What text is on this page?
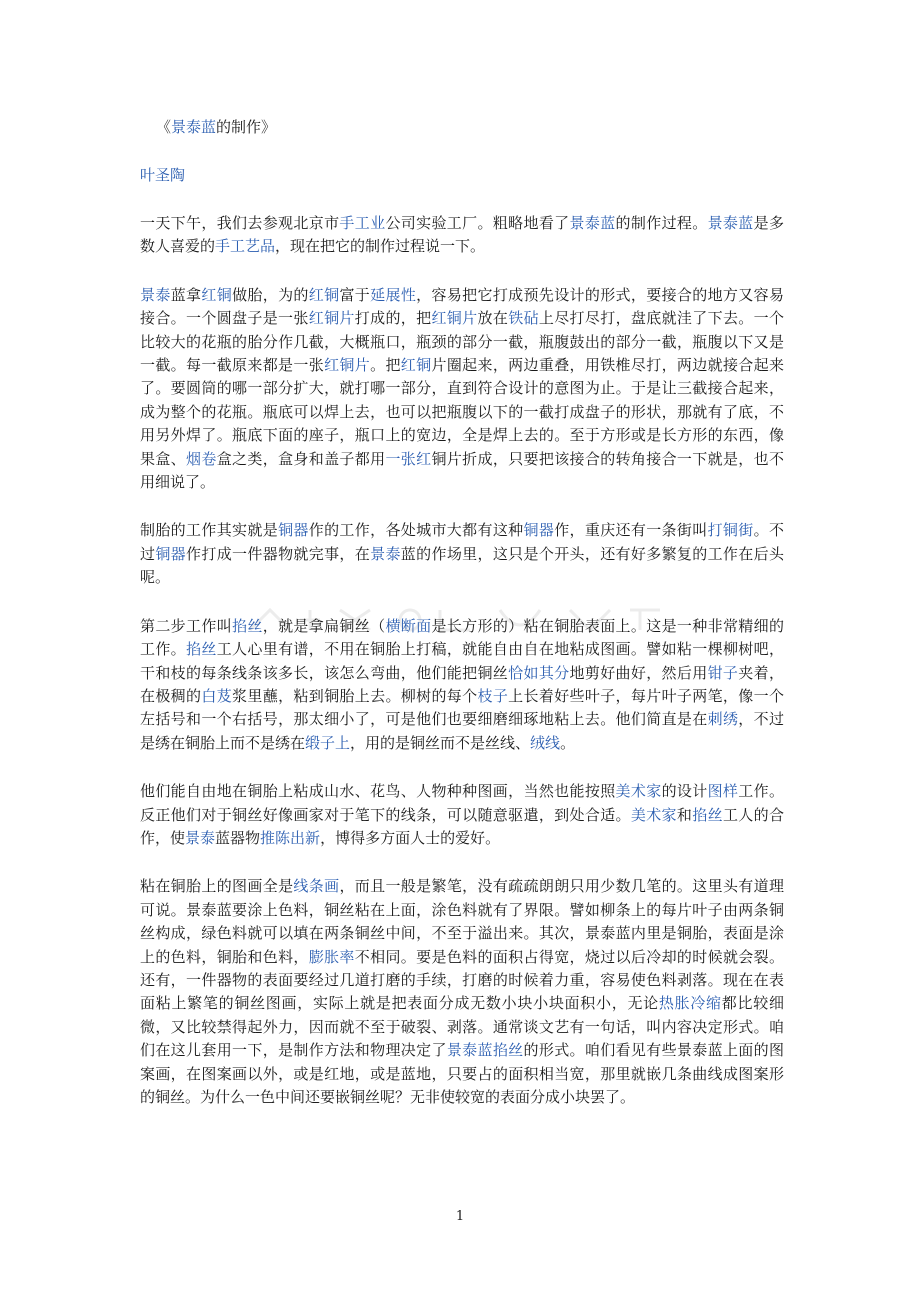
《景泰蓝的制作》
叶圣陶

一天下午，我们去参观北京市手工业公司实验工厂。粗略地看了景泰蓝的制作过程。景泰蓝是多数人喜爱的手工艺品，现在把它的制作过程说一下。

景泰蓝拿红铜做胎，为的红铜富于延展性，容易把它打成预先设计的形式，要接合的地方又容易接合。一个圆盘子是一张红铜片打成的，把红铜片放在铁砧上尽打尽打，盘底就洼了下去。一个比较大的花瓶的胎分作几截，大概瓶口，瓶颈的部分一截，瓶腹鼓出的部分一截，瓶腹以下又是一截。每一截原来都是一张红铜片。把红铜片圈起来，两边重叠，用铁椎尽打，两边就接合起来了。要圆筒的哪一部分扩大，就打哪一部分，直到符合设计的意图为止。于是让三截接合起来，成为整个的花瓶。瓶底可以焊上去，也可以把瓶腹以下的一截打成盘子的形状，那就有了底，不用另外焊了。瓶底下面的座子，瓶口上的宽边，全是焊上去的。至于方形或是长方形的东西，像果盒、烟卷盒之类，盒身和盖子都用一张红铜片折成，只要把该接合的转角接合一下就是，也不用细说了。

制胎的工作其实就是铜器作的工作，各处城市大都有这种铜器作，重庆还有一条街叫打铜街。不过铜器作打成一件器物就完事，在景泰蓝的作场里，这只是个开头，还有好多繁复的工作在后头呢。

第二步工作叫掐丝，就是拿扁铜丝（横断面是长方形的）粘在铜胎表面上。这是一种非常精细的工作。掐丝工人心里有谱，不用在铜胎上打稿，就能自由自在地粘成图画。譬如粘一棵柳树吧，干和枝的每条线条该多长，该怎么弯曲，他们能把铜丝恰如其分地剪好曲好，然后用钳子夹着，在极稠的白芨浆里蘸，粘到铜胎上去。柳树的每个枝子上长着好些叶子，每片叶子两笔，像一个左括号和一个右括号，那太细小了，可是他们也要细磨细琢地粘上去。他们简直是在刺绣，不过是绣在铜胎上而不是绣在缎子上，用的是铜丝而不是丝线、绒线。

他们能自由地在铜胎上粘成山水、花鸟、人物种种图画，当然也能按照美术家的设计图样工作。反正他们对于铜丝好像画家对于笔下的线条，可以随意驱遣，到处合适。美术家和掐丝工人的合作，使景泰蓝器物推陈出新，博得多方面人士的爱好。

粘在铜胎上的图画全是线条画，而且一般是繁笔，没有疏疏朗朗只用少数几笔的。这里头有道理可说。景泰蓝要涂上色料，铜丝粘在上面，涂色料就有了界限。譬如柳条上的每片叶子由两条铜丝构成，绿色料就可以填在两条铜丝中间，不至于溢出来。其次，景泰蓝内里是铜胎，表面是涂上的色料，铜胎和色料，膨胀率不相同。要是色料的面积占得宽，烧过以后冷却的时候就会裂。还有，一件器物的表面要经过几道打磨的手续，打磨的时候着力重，容易使色料剥落。现在在表面粘上繁笔的铜丝图画，实际上就是把表面分成无数小块小块面积小，无论热胀冷缩都比较细微，又比较禁得起外力，因而就不至于破裂、剥落。通常谈文艺有一句话，叫内容决定形式。咱们在这儿套用一下，是制作方法和物理决定了景泰蓝掐丝的形式。咱们看见有些景泰蓝上面的图案画，在图案画以外，或是红地，或是蓝地，只要占的面积相当宽，那里就嵌几条曲线成图案形的铜丝。为什么一色中间还要嵌铜丝呢？无非使较宽的表面分成小块罢了。

1
